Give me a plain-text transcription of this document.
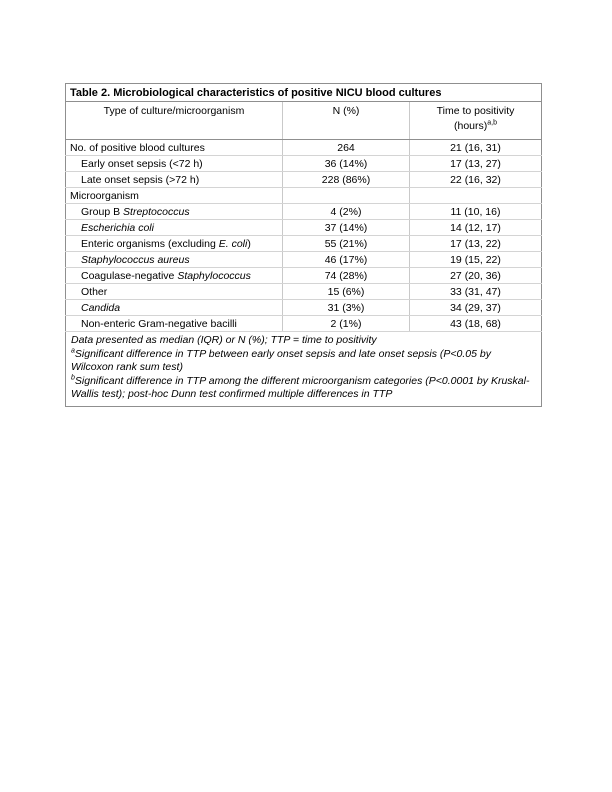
Table 2. Microbiological characteristics of positive NICU blood cultures		
Type of culture/microorganism	N (%)	Time to positivity
(hours)$^{a,b}$
No. of positive blood cultures	264	21 (16, 31)
Early onset sepsis (<72 h)	36 (14%)	17 (13, 27)
Late onset sepsis (>72 h)	228 (86%)	22 (16, 32)
Microorganism		
Group B Streptococcus	4 (2%)	11 (10, 16)
Escherichia coli	37 (14%)	14 (12, 17)
Enteric organisms (excluding E. coli)	55 (21%)	17 (13, 22)
Staphylococcus aureus	46 (17%)	19 (15, 22)
Coagulase-negative Staphylococcus	74 (28%)	27 (20, 36)
Other	15 (6%)	33 (31, 47)
Candida	31 (3%)	34 (29, 37)
Non-enteric Gram-negative bacilli	2 (1%)	43 (18, 68)

Data presented as median (IQR) or N (%); TTP = time to positivity
$^a$Significant difference in TTP between early onset sepsis and late onset sepsis (P<0.05 by Wilcoxon rank sum test)
$^b$Significant difference in TTP among the different microorganism categories (P<0.0001 by Kruskal-Wallis test); post-hoc Dunn test confirmed multiple differences in TTP		
